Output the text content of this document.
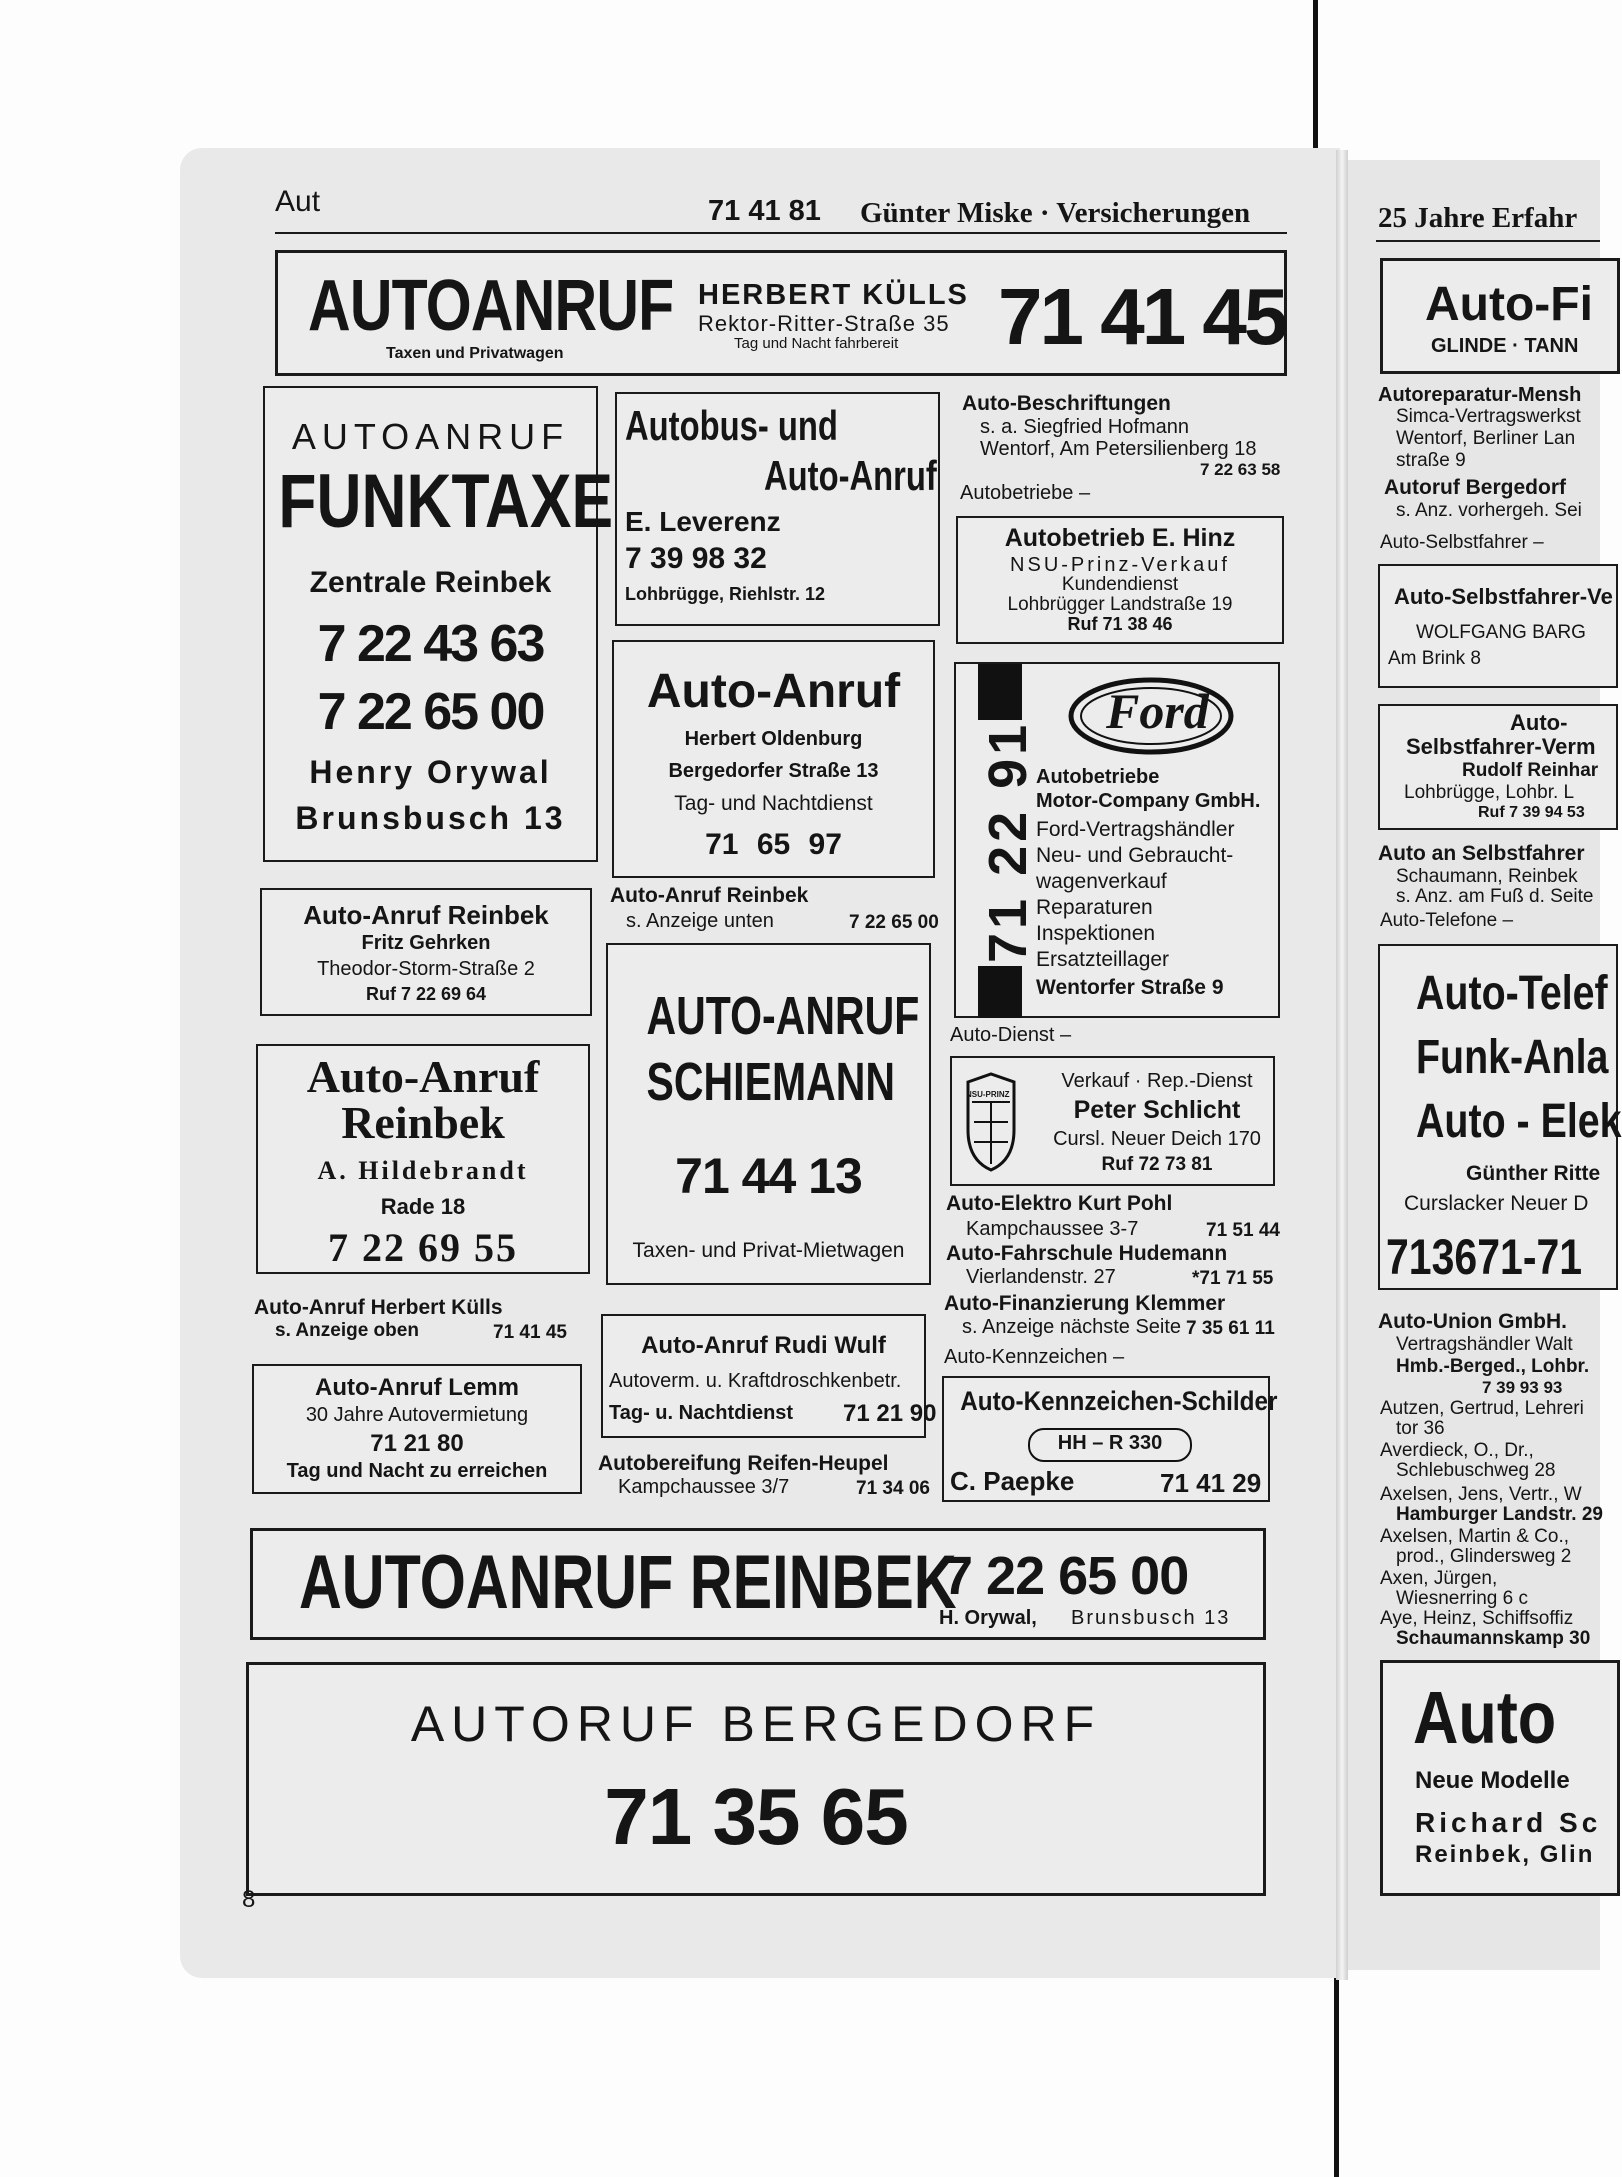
Aut	71 41 81 Günter Miske · Versicherungen	25 Jahre Erfahr
AUTOANRUF
Taxen und Privatwagen
HERBERT KÜLLS
Rektor-Ritter-Straße 35
Tag und Nacht fahrbereit 71 41 45
AUTOANRUF
FUNKTAXE
Zentrale Reinbek
7 22 43 63
7 22 65 00
Henry Orywal
Brunsbusch 13
Autobus- und
Auto-Anruf
E. Leverenz
7 39 98 32
Lohbrügge, Riehlstr. 12
Auto-Anruf
Herbert Oldenburg
Bergedorfer Straße 13
Tag- und Nachtdienst
71 65 97
Auto-Anruf Reinbek
Fritz Gehrken
Theodor-Storm-Straße 2
Ruf 7 22 69 64
Auto-Anruf
Reinbek
A. Hildebrandt
Rade 18
7 22 69 55
Auto-Anruf Herbert Külls
s. Anzeige oben	71 41 45
Auto-Anruf Lemm
30 Jahre Autovermietung
71 21 80
Tag und Nacht zu erreichen
Auto-Anruf Reinbek
s. Anzeige unten	7 22 65 00
AUTO-ANRUF
SCHIEMANN
71 44 13
Taxen- und Privat-Mietwagen
Auto-Anruf Rudi Wulf
Autoverm. u. Kraftdroschkenbetr.
Tag- u. Nachtdienst 71 21 90
Autobereifung Reifen-Heupel
Kampchaussee 3/7	71 34 06
Auto-Beschriftungen
s. a. Siegfried Hofmann
Wentorf, Am Petersilienberg 18
7 22 63 58
Autobetriebe –
Autobetrieb E. Hinz
NSU-Prinz-Verkauf
Kundendienst
Lohbrügger Landstraße 19
Ruf 71 38 46
71 22 91
Ford
Autobetriebe
Motor-Company GmbH.
Ford-Vertragshändler
Neu- und Gebraucht-
wagenverkauf
Reparaturen
Inspektionen
Ersatzteillager
Wentorfer Straße 9
Auto-Dienst –
NSU-PRINZ
Verkauf · Rep.-Dienst
Peter Schlicht
Cursl. Neuer Deich 170
Ruf 72 73 81
Auto-Elektro Kurt Pohl
Kampchaussee 3-7	71 51 44
Auto-Fahrschule Hudemann
Vierlandenstr. 27	*71 71 55
Auto-Finanzierung Klemmer
s. Anzeige nächste Seite 7 35 61 11
Auto-Kennzeichen –
Auto-Kennzeichen-Schilder
HH – R 330
C. Paepke	71 41 29
AUTOANRUF REINBEK
7 22 65 00
H. Orywal, Brunsbusch 13
AUTORUF BERGEDORF
71 35 65
8
Auto-Fi
GLINDE · TANN
Autoreparatur-Mensh
Simca-Vertragswerkst
Wentorf, Berliner Lan
straße 9
Autoruf Bergedorf
s. Anz. vorhergeh. Sei
Auto-Selbstfahrer –
Auto-Selbstfahrer-Ve
WOLFGANG BARG
Am Brink 8
Auto-
Selbstfahrer-Verm
Rudolf Reinhar
Lohbrügge, Lohbr. L
Ruf 7 39 94 53
Auto an Selbstfahrer
Schaumann, Reinbek
s. Anz. am Fuß d. Seite
Auto-Telefone –
Auto-Telef
Funk-Anla
Auto - Elek
Günther Ritte
Curslacker Neuer D
713671-71
Auto-Union GmbH.
Vertragshändler Walt
Hmb.-Berged., Lohbr.
7 39 93 93
Autzen, Gertrud, Lehreri
tor 36
Averdieck, O., Dr.,
Schlebuschweg 28
Axelsen, Jens, Vertr., W
Hamburger Landstr. 29
Axelsen, Martin & Co.,
prod., Glindersweg 2
Axen, Jürgen,
Wiesnerring 6 c
Aye, Heinz, Schiffsoffiz
Schaumannskamp 30
Auto
Neue Modelle
Richard Sc
Reinbek, Glin
